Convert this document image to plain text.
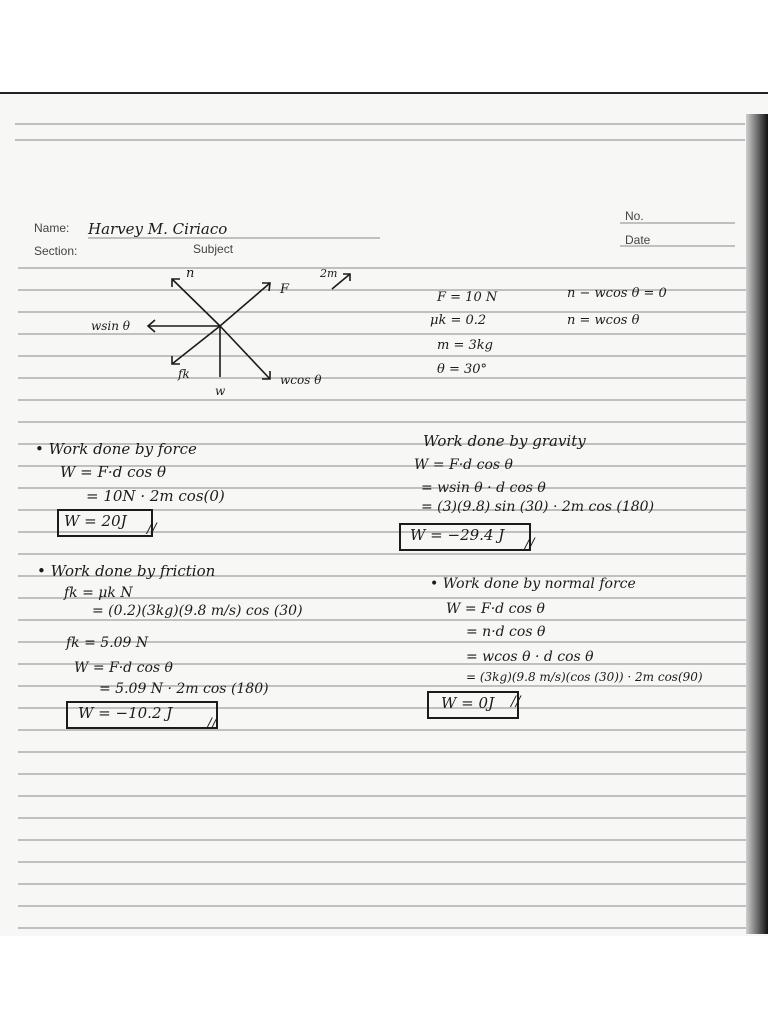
Name: Harvey M. Ciriaco
Section:	Subject
No.
Date
n
F
2m
wsin θ
fk
w
wcos θ
F = 10 N
μk = 0.2
m = 3kg
θ = 30°
n − wcos θ = 0
n = wcos θ
• Work done by force
W = F·d cos θ
= 10N · 2m cos(0)
W = 20J //
Work done by gravity
W = F·d cos θ
= wsin θ · d cos θ
= (3)(9.8) sin (30) · 2m cos (180)
W = −29.4 J //
• Work done by friction
fk = μk N
= (0.2)(3kg)(9.8 m/s) cos (30)
fk = 5.09 N
W = F·d cos θ
= 5.09 N · 2m cos (180)
W = −10.2 J
//
• Work done by normal force
W = F·d cos θ
= n·d cos θ
= wcos θ · d cos θ
= (3kg)(9.8 m/s)(cos (30)) · 2m cos(90)
W = 0J //
